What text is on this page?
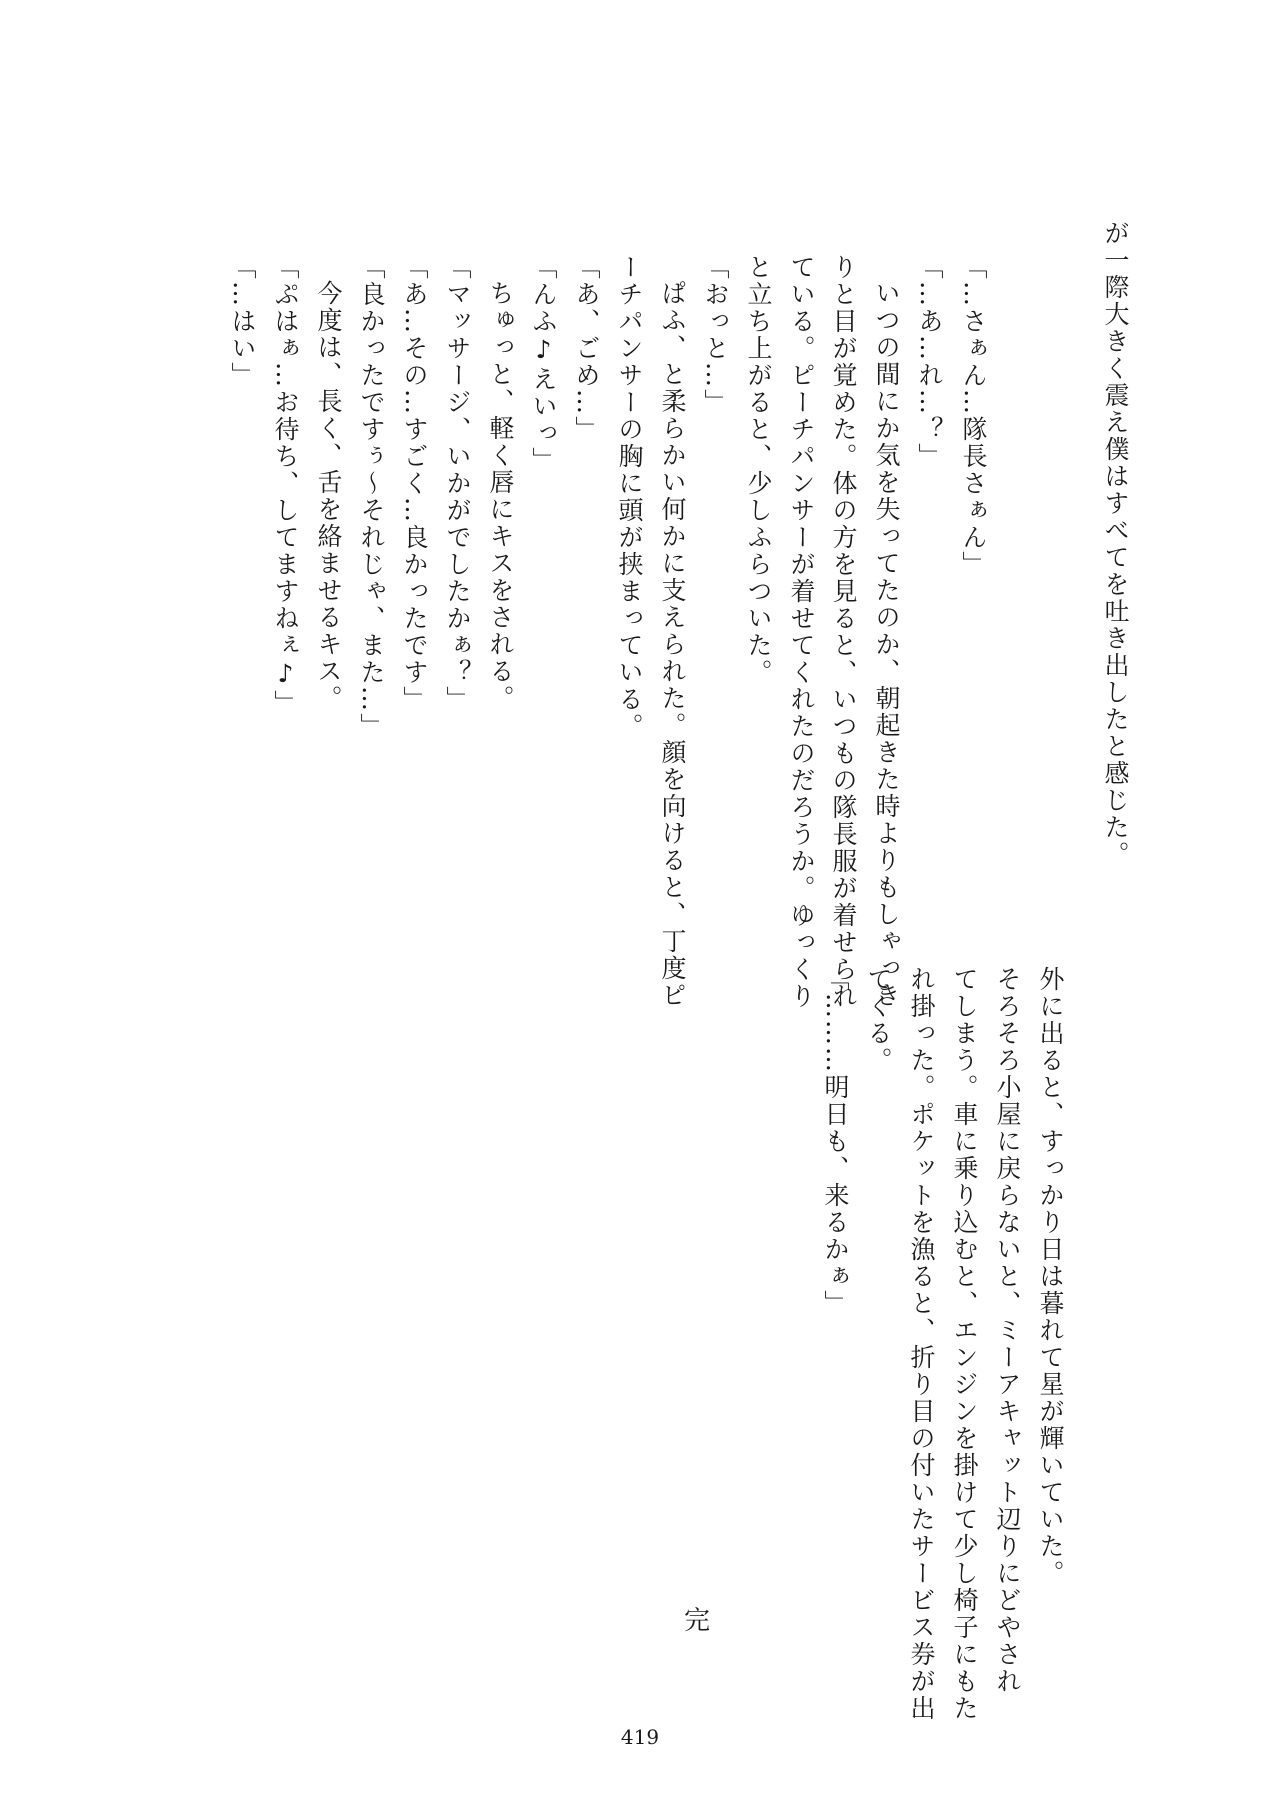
が一際大きく震え僕はすべてを吐き出したと感じた。
「…さぁん…隊長さぁん」
「…あ…れ…？」
いつの間にか気を失ってたのか、朝起きた時よりもしゃっき
りと目が覚めた。体の方を見ると、いつもの隊長服が着せられ
ている。ピーチパンサーが着せてくれたのだろうか。ゆっくり
と立ち上がると、少しふらついた。
「おっと…」
ぱふ、と柔らかい何かに支えられた。顔を向けると、丁度ピ
ーチパンサーの胸に頭が挟まっている。
「あ、ごめ…」
「んふ♪えいっ」
ちゅっと、軽く唇にキスをされる。
「マッサージ、いかがでしたかぁ？」
「あ…その…すごく…良かったです」
「良かったですぅ～それじゃ、また…」
今度は、長く、舌を絡ませるキス。
「ぷはぁ…お待ち、してますねぇ♪」
「…はい」
外に出ると、すっかり日は暮れて星が輝いていた。
そろそろ小屋に戻らないと、ミーアキャット辺りにどやされ
てしまう。車に乗り込むと、エンジンを掛けて少し椅子にもた
れ掛った。ポケットを漁ると、折り目の付いたサービス券が出
てくる。
「………明日も、来るかぁ」
完
419
